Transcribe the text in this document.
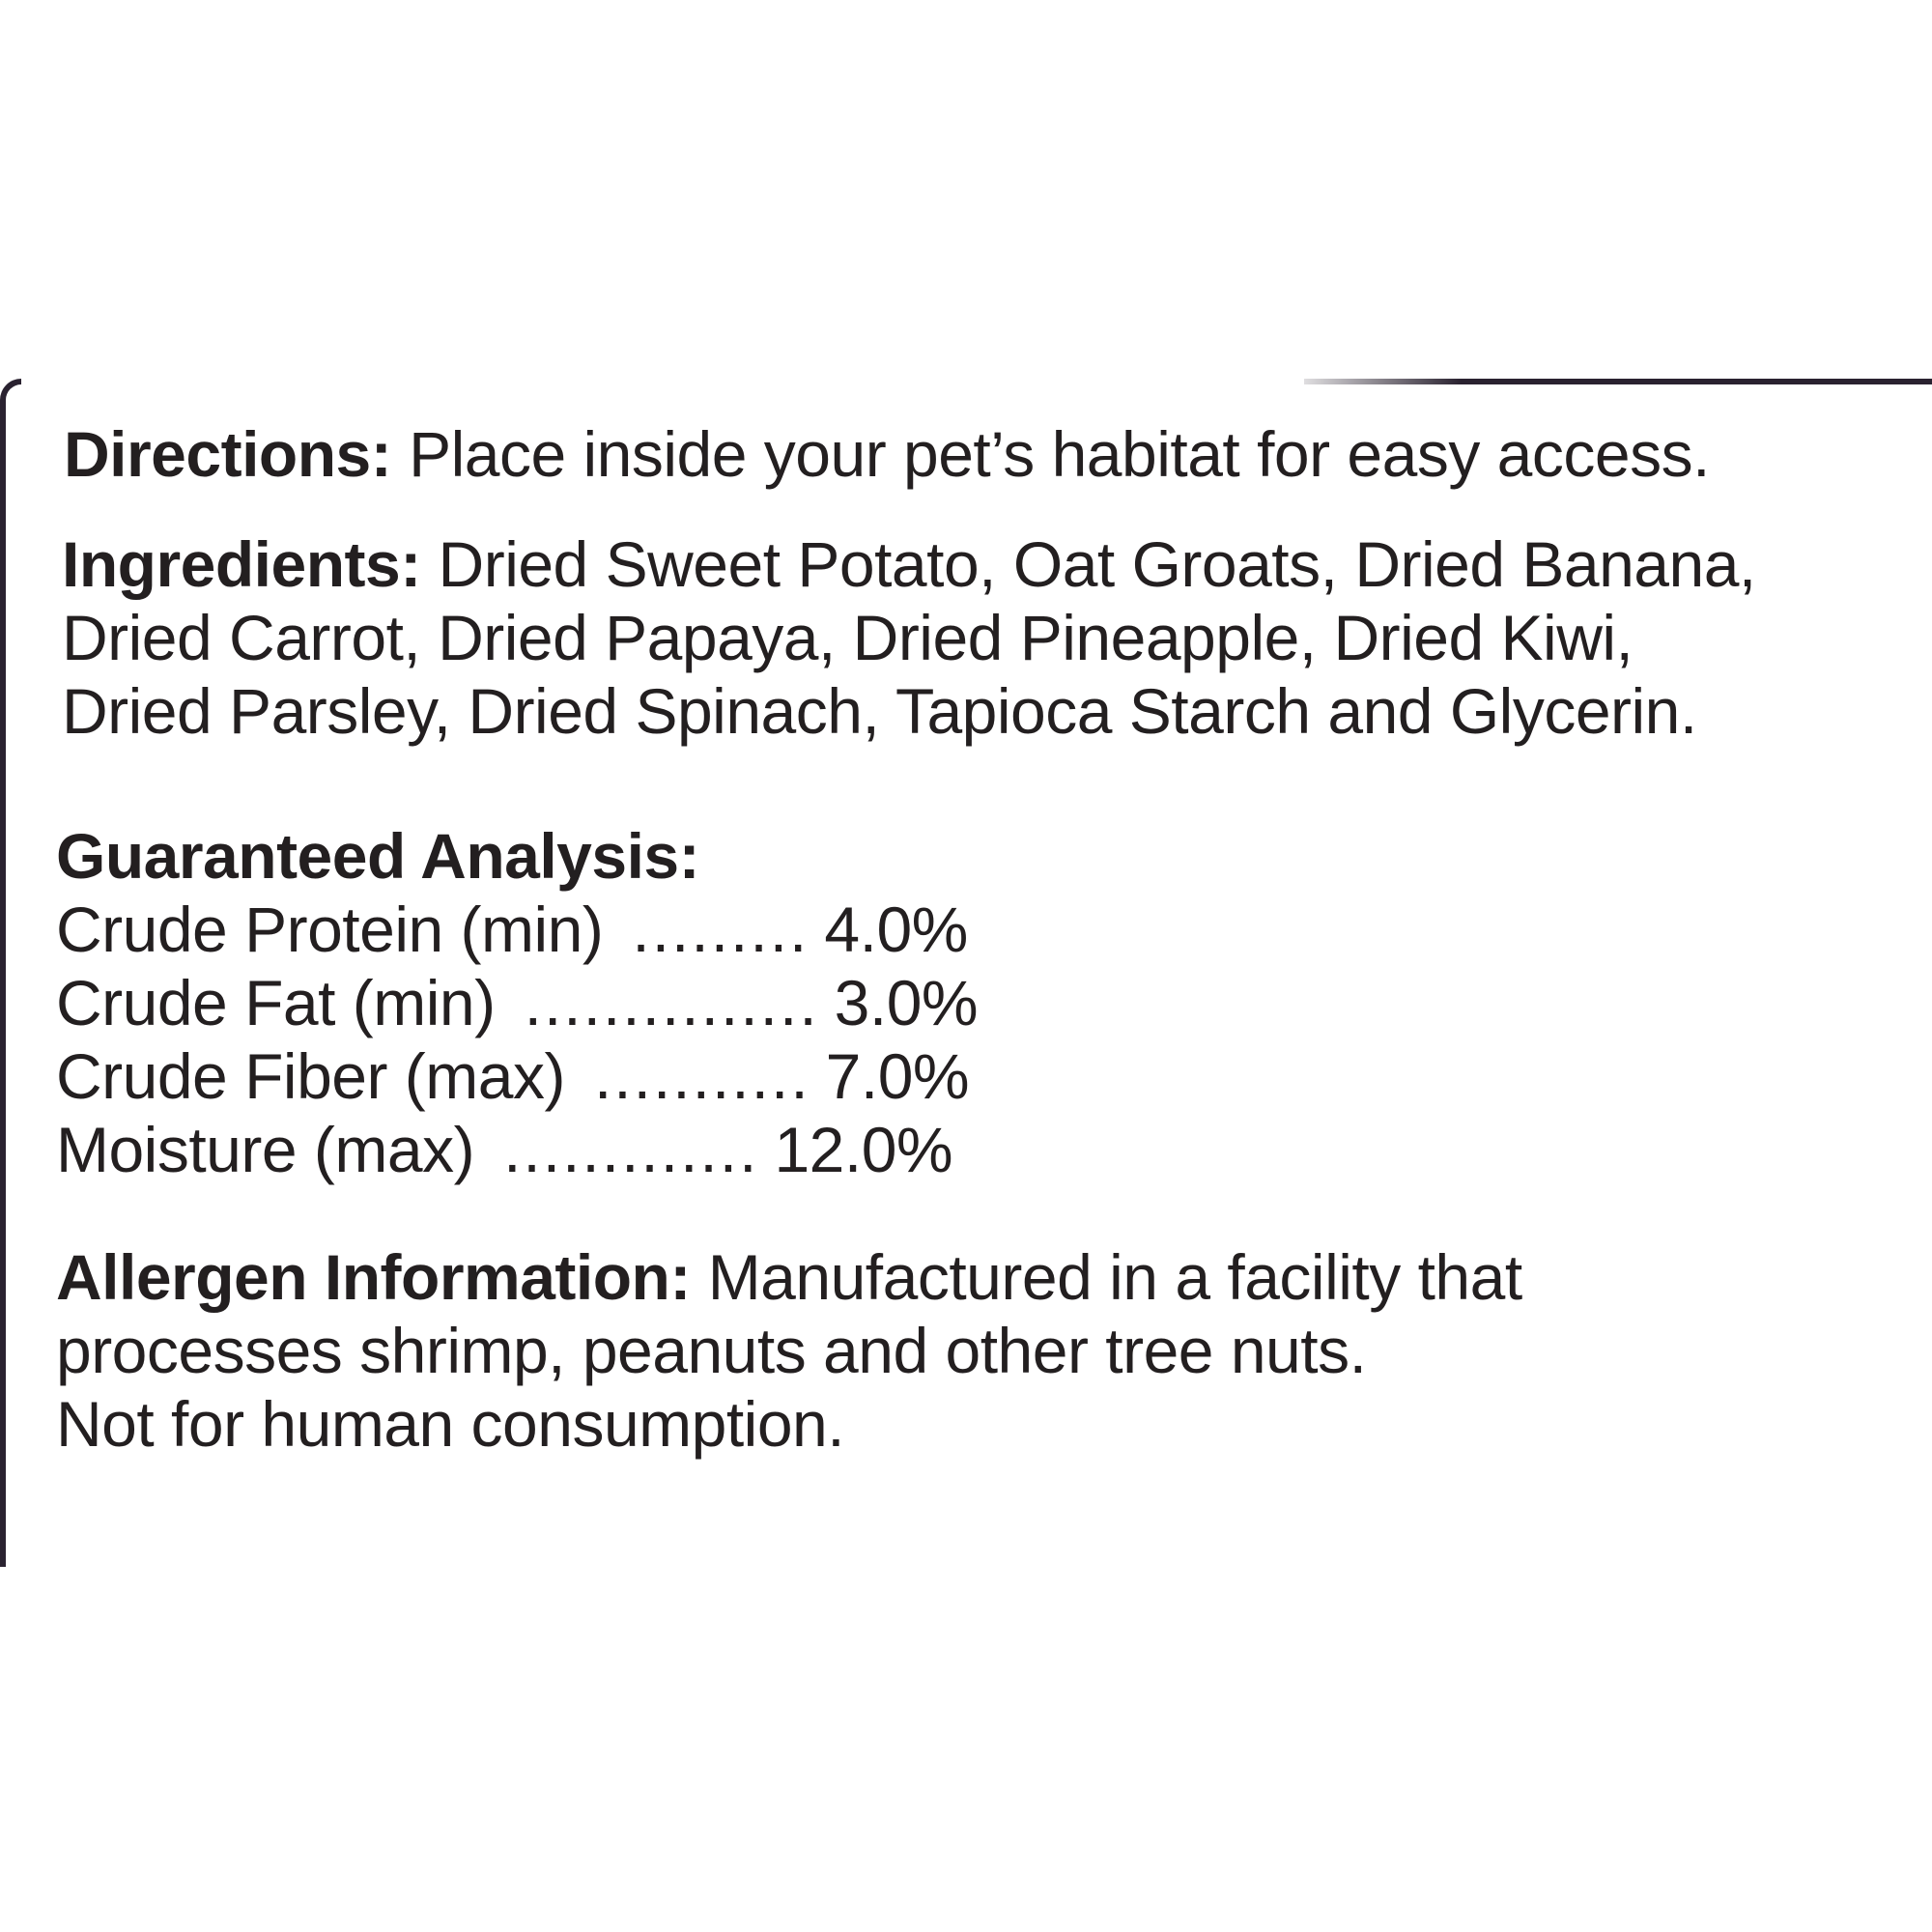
Directions: Place inside your pet’s habitat for easy access.

Ingredients: Dried Sweet Potato, Oat Groats, Dried Banana,
Dried Carrot, Dried Papaya, Dried Pineapple, Dried Kiwi,
Dried Parsley, Dried Spinach, Tapioca Starch and Glycerin.

Guaranteed Analysis:
Crude Protein (min) ......... 4.0%
Crude Fat (min) ............... 3.0%
Crude Fiber (max) ........... 7.0%
Moisture (max) ............. 12.0%

Allergen Information: Manufactured in a facility that
processes shrimp, peanuts and other tree nuts.
Not for human consumption.
